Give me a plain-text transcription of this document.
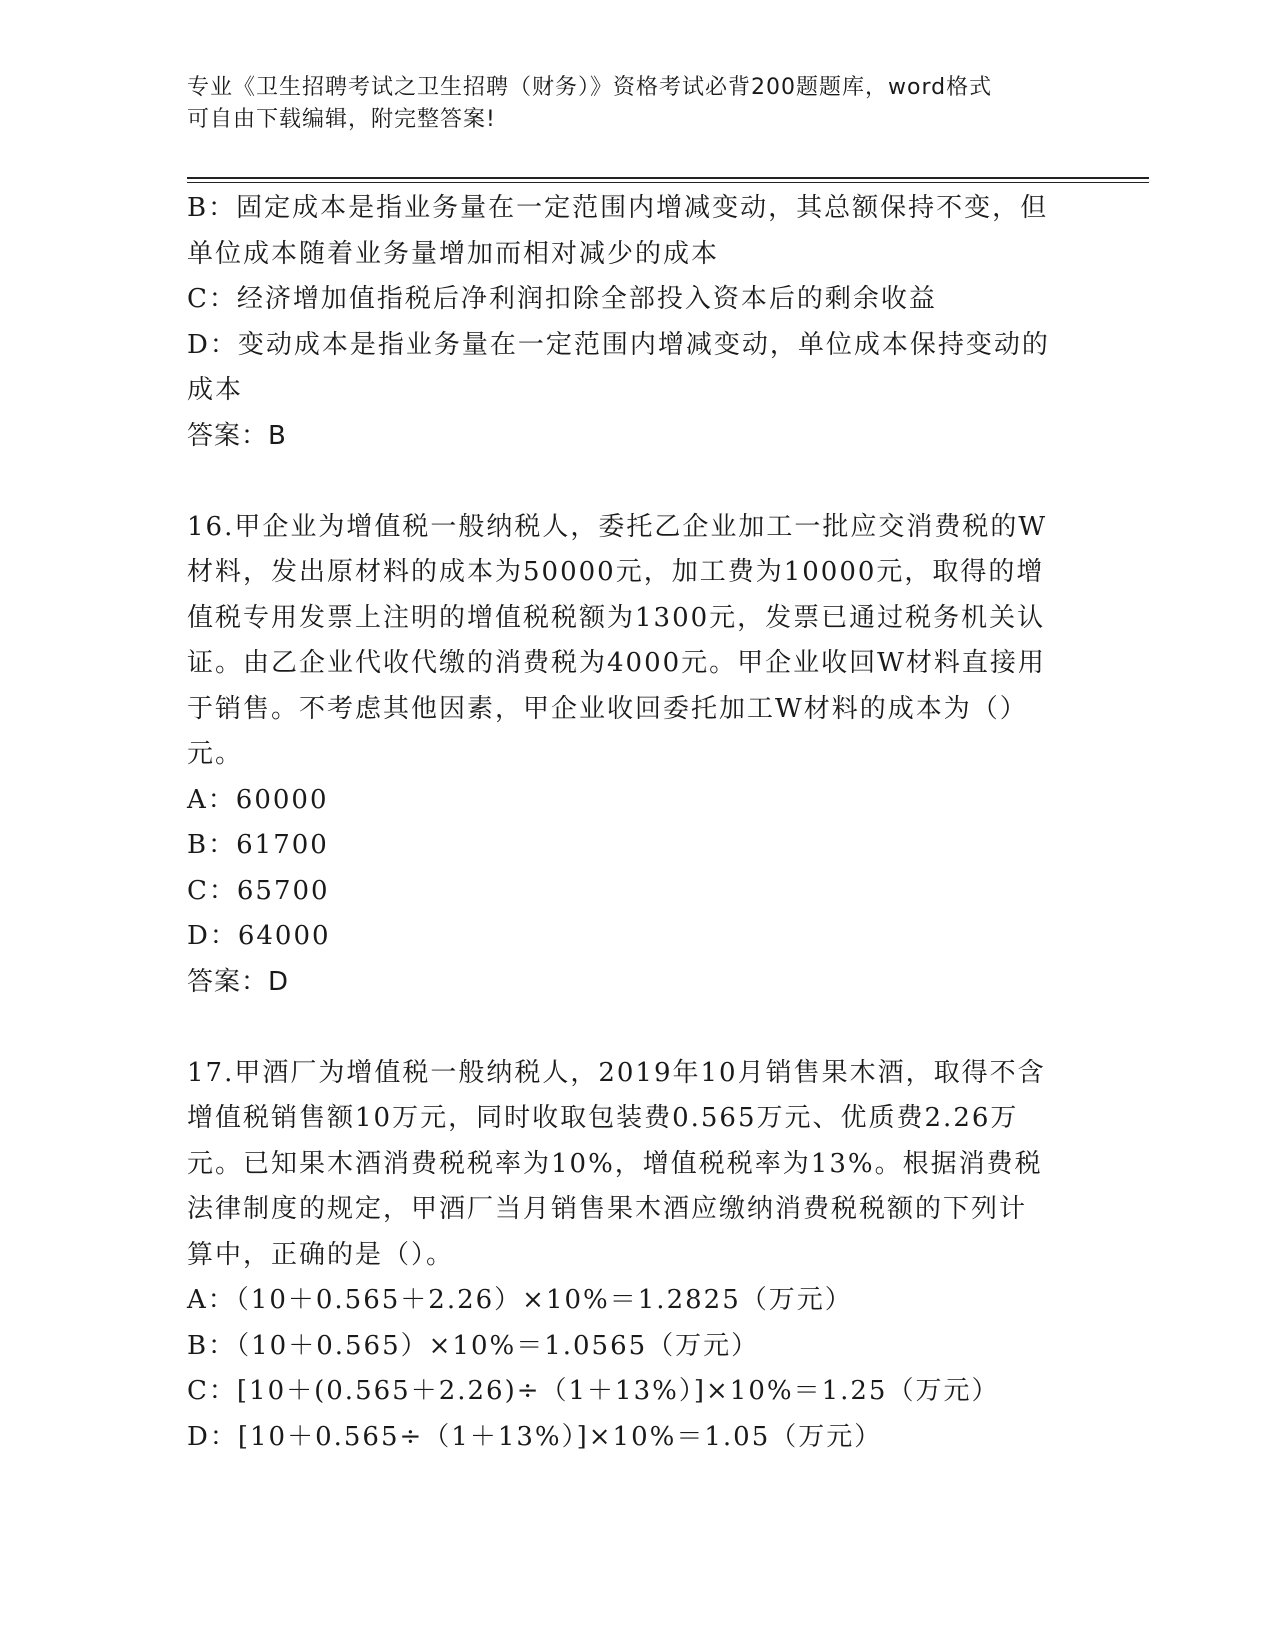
专业《卫生招聘考试之卫生招聘（财务）》资格考试必背200题题库，word格式
可自由下载编辑，附完整答案!
B：固定成本是指业务量在一定范围内增减变动，其总额保持不变，但
单位成本随着业务量增加而相对减少的成本
C：经济增加值指税后净利润扣除全部投入资本后的剩余收益
D：变动成本是指业务量在一定范围内增减变动，单位成本保持变动的
成本
答案：B
16.甲企业为增值税一般纳税人，委托乙企业加工一批应交消费税的W
材料，发出原材料的成本为50000元，加工费为10000元，取得的增
值税专用发票上注明的增值税税额为1300元，发票已通过税务机关认
证。由乙企业代收代缴的消费税为4000元。甲企业收回W材料直接用
于销售。不考虑其他因素，甲企业收回委托加工W材料的成本为（）
元。
A：60000
B：61700
C：65700
D：64000
答案：D
17.甲酒厂为增值税一般纳税人，2019年10月销售果木酒，取得不含
增值税销售额10万元，同时收取包装费0.565万元、优质费2.26万
元。已知果木酒消费税税率为10%，增值税税率为13%。根据消费税
法律制度的规定，甲酒厂当月销售果木酒应缴纳消费税税额的下列计
算中，正确的是（）。
A：（10＋0.565＋2.26）×10%＝1.2825（万元）
B：（10＋0.565）×10%＝1.0565（万元）
C：[10＋(0.565＋2.26)÷（1＋13%）]×10%＝1.25（万元）
D：[10＋0.565÷（1＋13%）]×10%＝1.05（万元）
